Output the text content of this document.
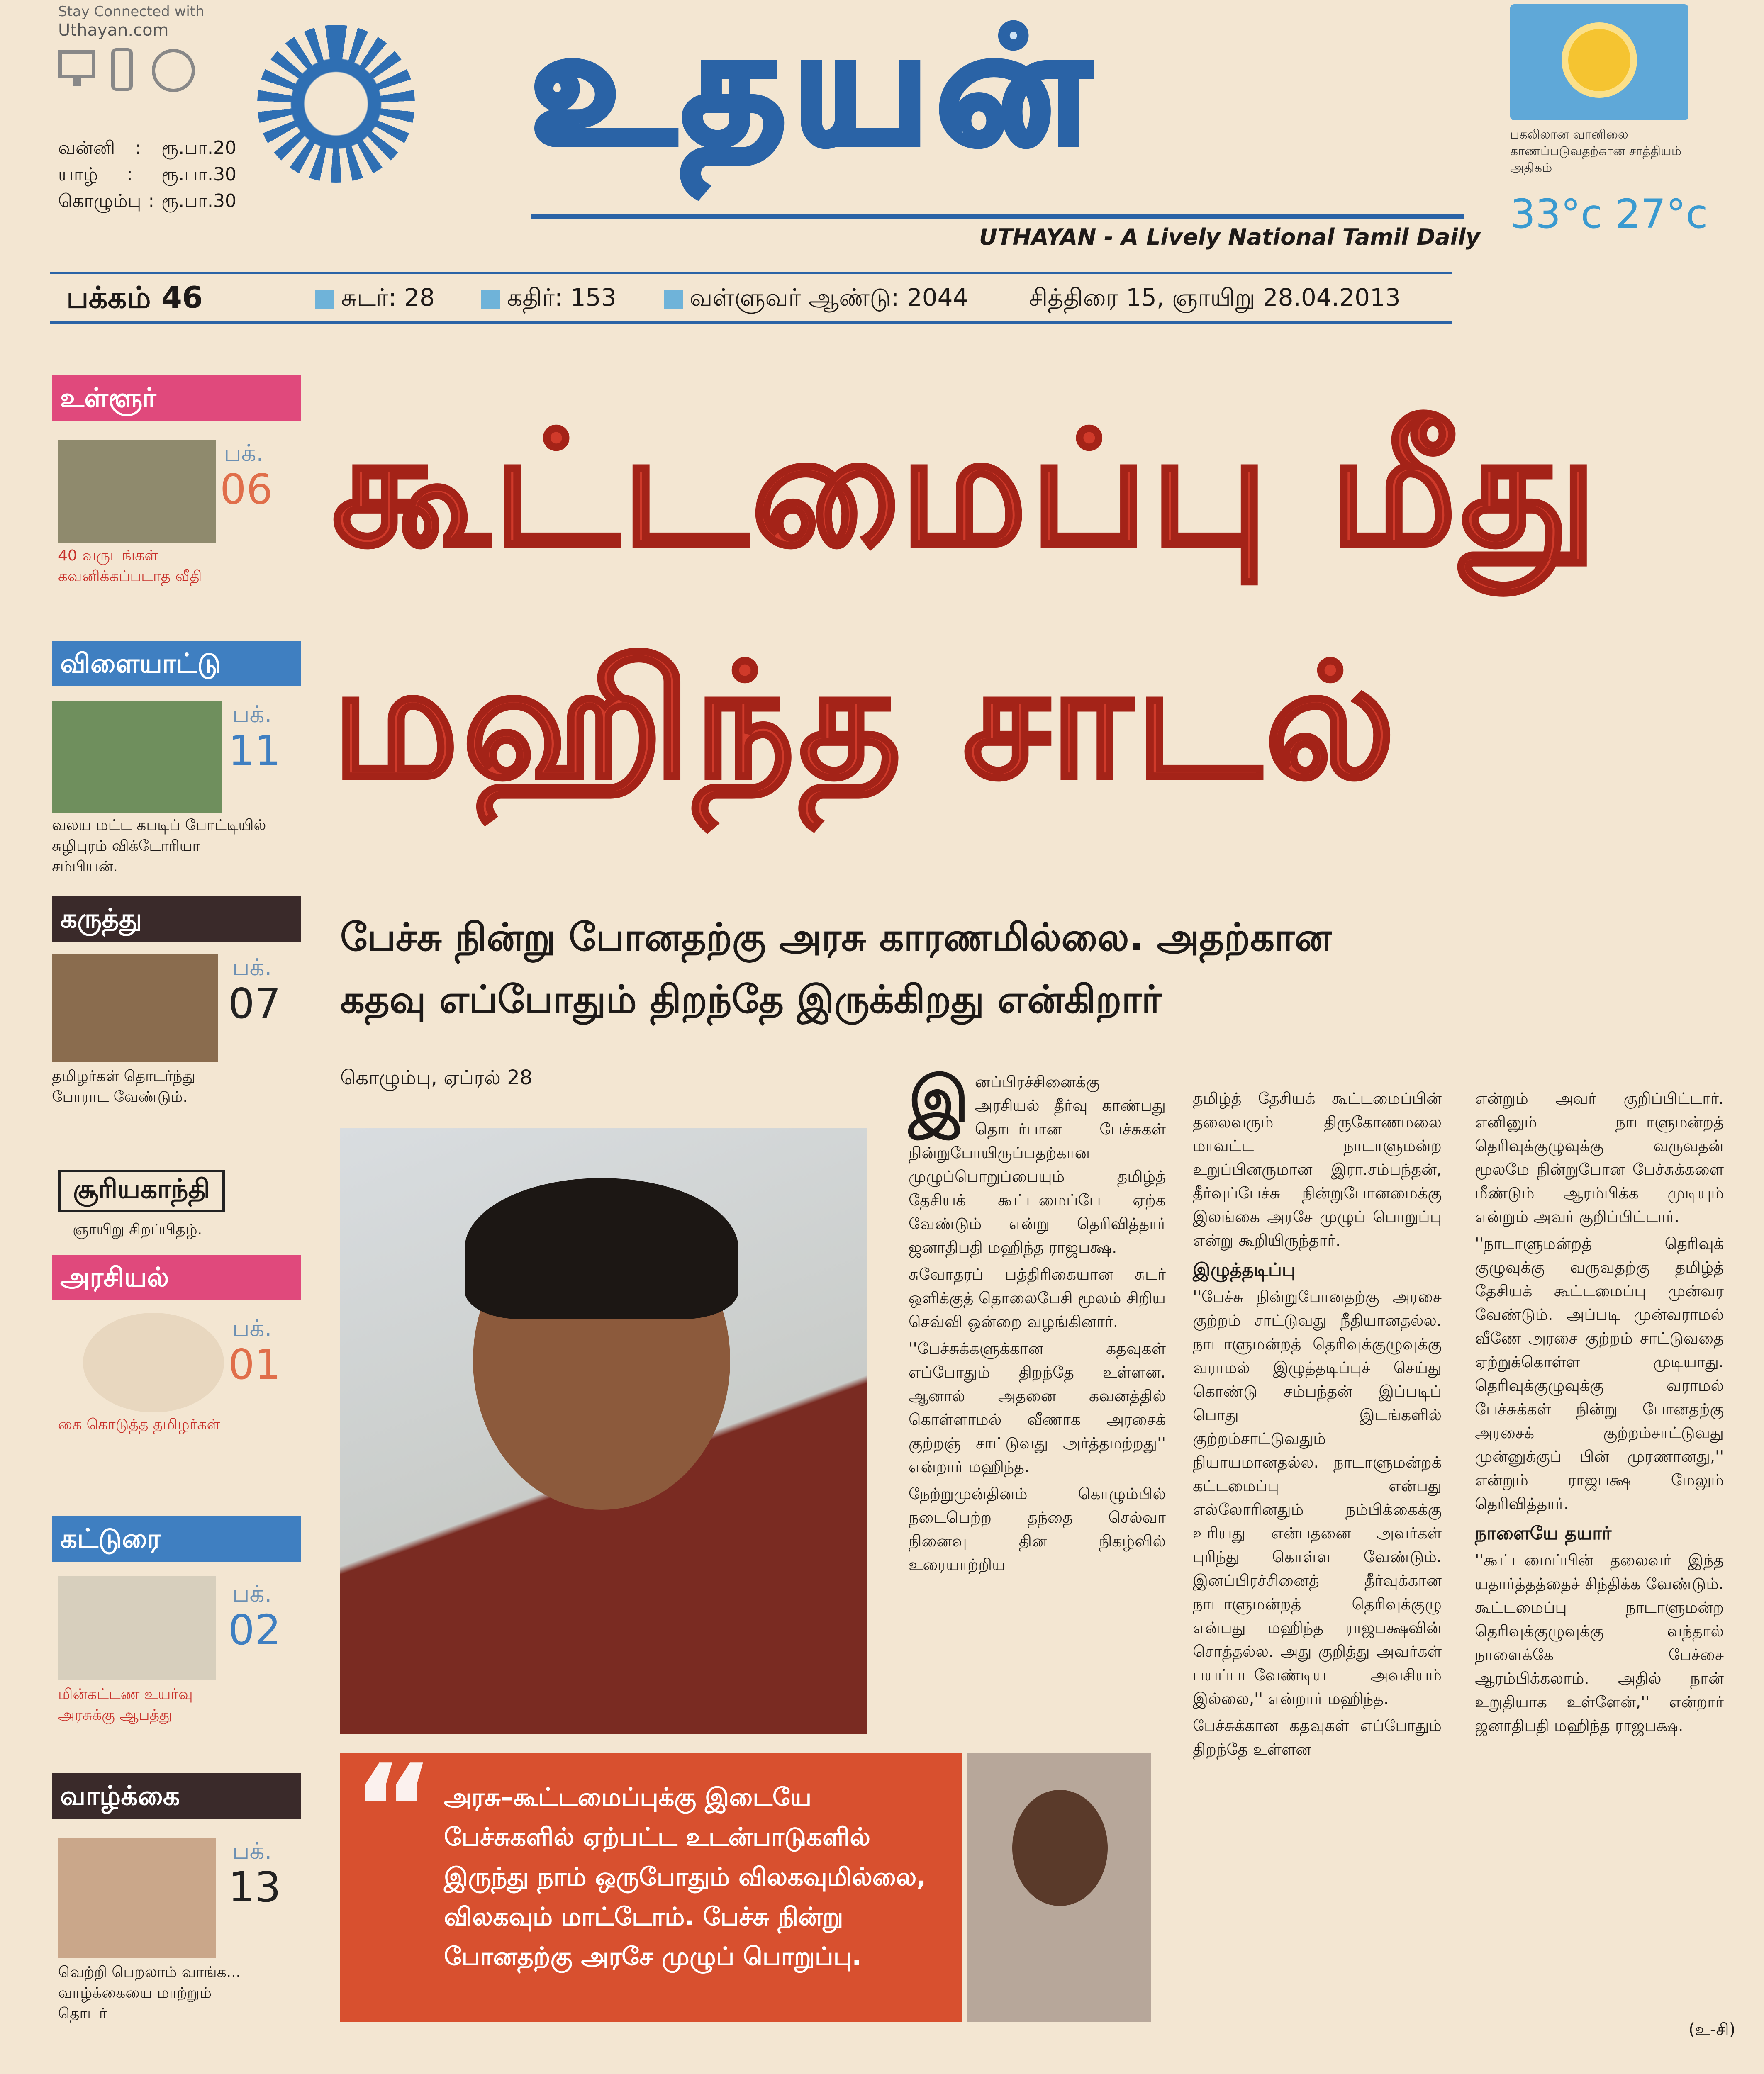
Stay Connected with
Uthayan.com
வன்னி : ரூ.பா.20
யாழ் : ரூ.பா.30
கொழும்பு : ரூ.பா.30
உதயன்
UTHAYAN - A Lively National Tamil Daily
பகலிலான வானிலை காணப்படுவதற்கான சாத்தியம் அதிகம்
33°c 27°c
பக்கம் 46	சுடர்: 28	கதிர்: 153	வள்ளுவர் ஆண்டு: 2044	சித்திரை 15, ஞாயிறு 28.04.2013
உள்ளூர்
பக்.
06
40 வருடங்கள் கவனிக்கப்படாத வீதி
விளையாட்டு
பக்.
11
வலய மட்ட கபடிப் போட்டியில் சுழிபுரம் விக்டோரியா சம்பியன்.
கருத்து
பக்.
07
தமிழர்கள் தொடர்ந்து போராட வேண்டும்.
சூரியகாந்தி
ஞாயிறு சிறப்பிதழ்.
அரசியல்
பக்.
01
கை கொடுத்த தமிழர்கள்
கட்டுரை
பக்.
02
மின்கட்டண உயர்வு அரசுக்கு ஆபத்து
வாழ்க்கை
பக்.
13
வெற்றி பெறலாம் வாங்க... வாழ்க்கையை மாற்றும் தொடர்
கூட்டமைப்பு மீது
மஹிந்த சாடல்
பேச்சு நின்று போனதற்கு அரசு காரணமில்லை. அதற்கான
கதவு எப்போதும் திறந்தே இருக்கிறது என்கிறார்
கொழும்பு, ஏப்ரல் 28
“ அரசு–கூட்டமைப்புக்கு இடையே பேச்சுகளில் ஏற்பட்ட உடன்பாடுகளில் இருந்து நாம் ஒருபோதும் விலகவுமில்லை, விலகவும் மாட்டோம். பேச்சு நின்று போனதற்கு அரசே முழுப் பொறுப்பு.
இ னப்பிரச்சினைக்கு அரசியல் தீர்வு காண்பது தொடர்பான பேச்சுகள் நின்றுபோயிருப்பதற்கான முழுப்பொறுப்பையும் தமிழ்த் தேசியக் கூட்டமைப்பே ஏற்க வேண்டும் என்று தெரிவித்தார் ஜனாதிபதி மஹிந்த ராஜபக்ஷ.

சுவோதரப் பத்திரிகையான சுடர் ஒளிக்குத் தொலைபேசி மூலம் சிறிய செவ்வி ஒன்றை வழங்கினார்.

''பேச்சுக்களுக்கான கதவுகள் எப்போதும் திறந்தே உள்ளன. ஆனால் அதனை கவனத்தில் கொள்ளாமல் வீணாக அரசைக் குற்றஞ் சாட்டுவது அர்த்தமற்றது'' என்றார் மஹிந்த.

நேற்றுமுன்தினம் கொழும்பில் நடைபெற்ற தந்தை செல்வா நினைவு தின நிகழ்வில் உரையாற்றிய

தமிழ்த் தேசியக் கூட்டமைப்பின் தலைவரும் திருகோணமலை மாவட்ட நாடாளுமன்ற உறுப்பினருமான இரா.சம்பந்தன், தீர்வுப்பேச்சு நின்றுபோனமைக்கு இலங்கை அரசே முழுப் பொறுப்பு என்று கூறியிருந்தார்.

இழுத்தடிப்பு

''பேச்சு நின்றுபோனதற்கு அரசை குற்றம் சாட்டுவது நீதியானதல்ல. நாடாளுமன்றத் தெரிவுக்குழுவுக்கு வராமல் இழுத்தடிப்புச் செய்து கொண்டு சம்பந்தன் இப்படிப் பொது இடங்களில் குற்றம்சாட்டுவதும் நியாயமானதல்ல. நாடாளுமன்றக் கட்டமைப்பு என்பது எல்லோரினதும் நம்பிக்கைக்கு உரியது என்பதனை அவர்கள் புரிந்து கொள்ள வேண்டும். இனப்பிரச்சினைத் தீர்வுக்கான நாடாளுமன்றத் தெரிவுக்குழு என்பது மஹிந்த ராஜபக்ஷவின் சொத்தல்ல. அது குறித்து அவர்கள் பயப்படவேண்டிய அவசியம் இல்லை,'' என்றார் மஹிந்த.

பேச்சுக்கான கதவுகள் எப்போதும் திறந்தே உள்ளன

என்றும் அவர் குறிப்பிட்டார். எனினும் நாடாளுமன்றத் தெரிவுக்குழுவுக்கு வருவதன் மூலமே நின்றுபோன பேச்சுக்களை மீண்டும் ஆரம்பிக்க முடியும் என்றும் அவர் குறிப்பிட்டார்.

''நாடாளுமன்றத் தெரிவுக் குழுவுக்கு வருவதற்கு தமிழ்த் தேசியக் கூட்டமைப்பு முன்வர வேண்டும். அப்படி முன்வராமல் வீணே அரசை குற்றம் சாட்டுவதை ஏற்றுக்கொள்ள முடியாது. தெரிவுக்குழுவுக்கு வராமல் பேச்சுக்கள் நின்று போனதற்கு அரசைக் குற்றம்சாட்டுவது முன்னுக்குப் பின் முரணானது,'' என்றும் ராஜபக்ஷ மேலும் தெரிவித்தார்.

நாளையே தயார்

''கூட்டமைப்பின் தலைவர் இந்த யதார்த்தத்தைச் சிந்திக்க வேண்டும். கூட்டமைப்பு நாடாளுமன்ற தெரிவுக்குழுவுக்கு வந்தால் நாளைக்கே பேச்சை ஆரம்பிக்கலாம். அதில் நான் உறுதியாக உள்ளேன்,'' என்றார் ஜனாதிபதி மஹிந்த ராஜபக்ஷ.

(உ-சி)
